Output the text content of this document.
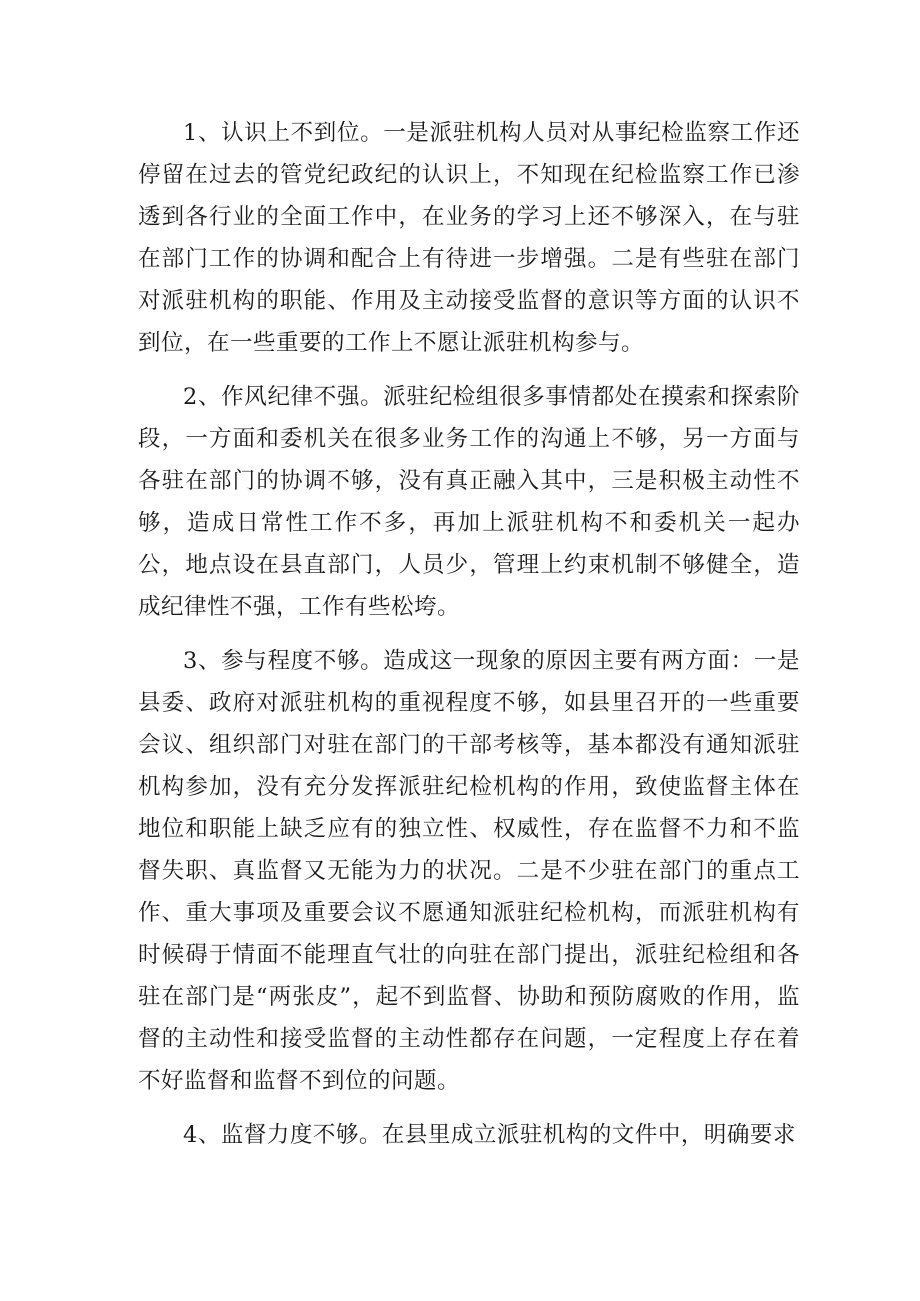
1、认识上不到位。一是派驻机构人员对从事纪检监察工作还停留在过去的管党纪政纪的认识上，不知现在纪检监察工作已渗透到各行业的全面工作中，在业务的学习上还不够深入，在与驻在部门工作的协调和配合上有待进一步增强。二是有些驻在部门对派驻机构的职能、作用及主动接受监督的意识等方面的认识不到位，在一些重要的工作上不愿让派驻机构参与。

2、作风纪律不强。派驻纪检组很多事情都处在摸索和探索阶段，一方面和委机关在很多业务工作的沟通上不够，另一方面与各驻在部门的协调不够，没有真正融入其中，三是积极主动性不够，造成日常性工作不多，再加上派驻机构不和委机关一起办公，地点设在县直部门，人员少，管理上约束机制不够健全，造成纪律性不强，工作有些松垮。

3、参与程度不够。造成这一现象的原因主要有两方面：一是县委、政府对派驻机构的重视程度不够，如县里召开的一些重要会议、组织部门对驻在部门的干部考核等，基本都没有通知派驻机构参加，没有充分发挥派驻纪检机构的作用，致使监督主体在地位和职能上缺乏应有的独立性、权威性，存在监督不力和不监督失职、真监督又无能为力的状况。二是不少驻在部门的重点工作、重大事项及重要会议不愿通知派驻纪检机构，而派驻机构有时候碍于情面不能理直气壮的向驻在部门提出，派驻纪检组和各驻在部门是“两张皮”，起不到监督、协助和预防腐败的作用，监督的主动性和接受监督的主动性都存在问题，一定程度上存在着不好监督和监督不到位的问题。

4、监督力度不够。在县里成立派驻机构的文件中，明确要求
